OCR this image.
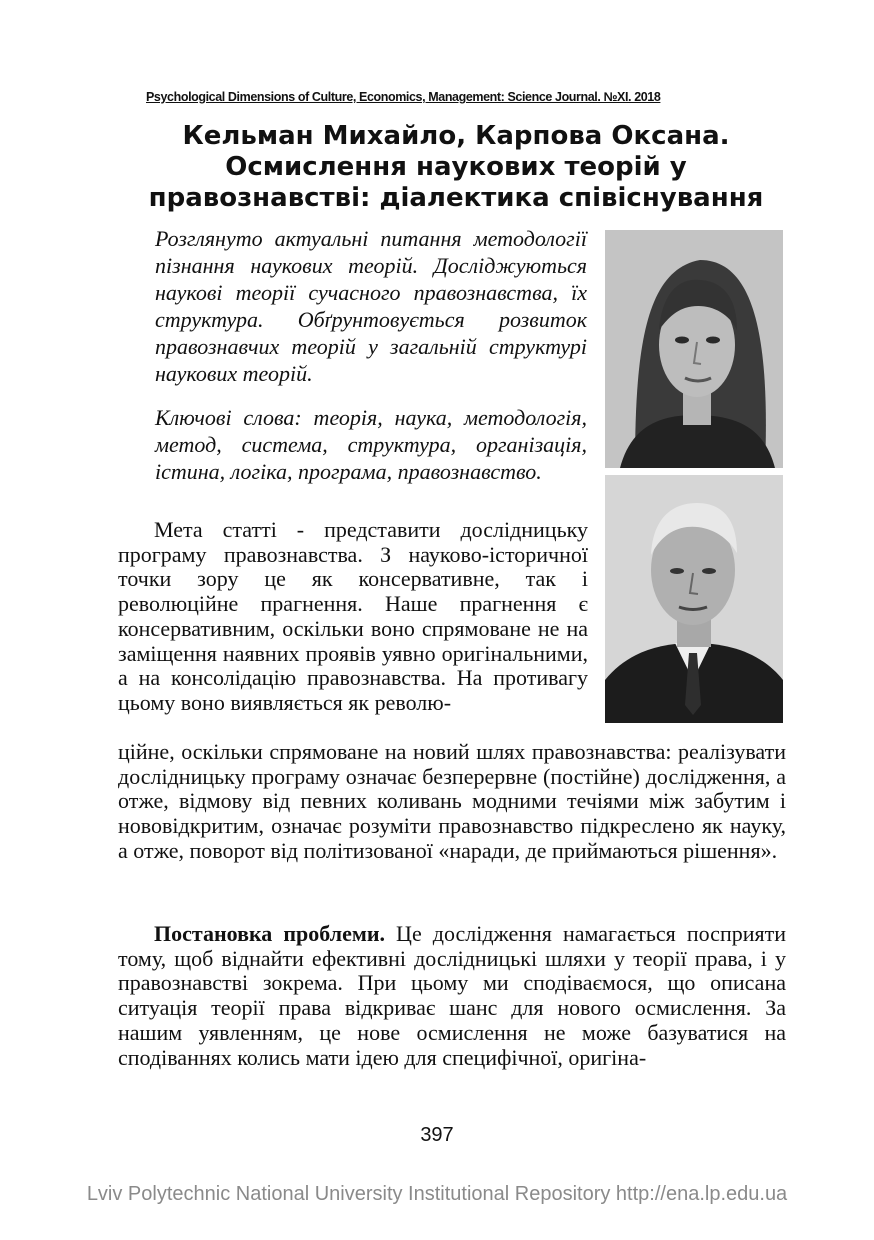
Psychological Dimensions of Culture, Economics, Management: Science Journal. №XI. 2018
Кельман Михайло, Карпова Оксана.
Осмислення наукових теорій у
правознавстві: діалектика співіснування

Розглянуто актуальні питання методології пізнання наукових теорій. Досліджуються наукові теорії сучасного правознавства, їх структура. Обґрунтовується розвиток правознавчих теорій у загальній структурі наукових теорій.

Ключові слова: теорія, наука, методологія, метод, система, структура, організація, істина, логіка, програма, правознавство.

Мета статті - представити дослідницьку програму правознавства. З науково-історичної точки зору це як консервативне, так і революційне прагнення. Наше прагнення є консервативним, оскільки воно спрямоване не на заміщення наявних проявів уявно оригінальними, а на консолідацію правознавства. На противагу цьому воно виявляється як револю-

ційне, оскільки спрямоване на новий шлях правознавства: реалізувати дослідницьку програму означає безперервне (постійне) дослідження, а отже, відмову від певних коливань модними течіями між забутим і нововідкритим, означає розуміти правознавство підкреслено як науку, а отже, поворот від політизованої «наради, де приймаються рішення».

Постановка проблеми. Це дослідження намагається посприяти тому, щоб віднайти ефективні дослідницькі шляхи у теорії права, і у правознавстві зокрема. При цьому ми сподіваємося, що описана ситуація теорії права відкриває шанс для нового осмислення. За нашим уявленням, це нове осмислення не може базуватися на сподіваннях колись мати ідею для специфічної, оригіна-

397
Lviv Polytechnic National University Institutional Repository http://ena.lp.edu.ua
